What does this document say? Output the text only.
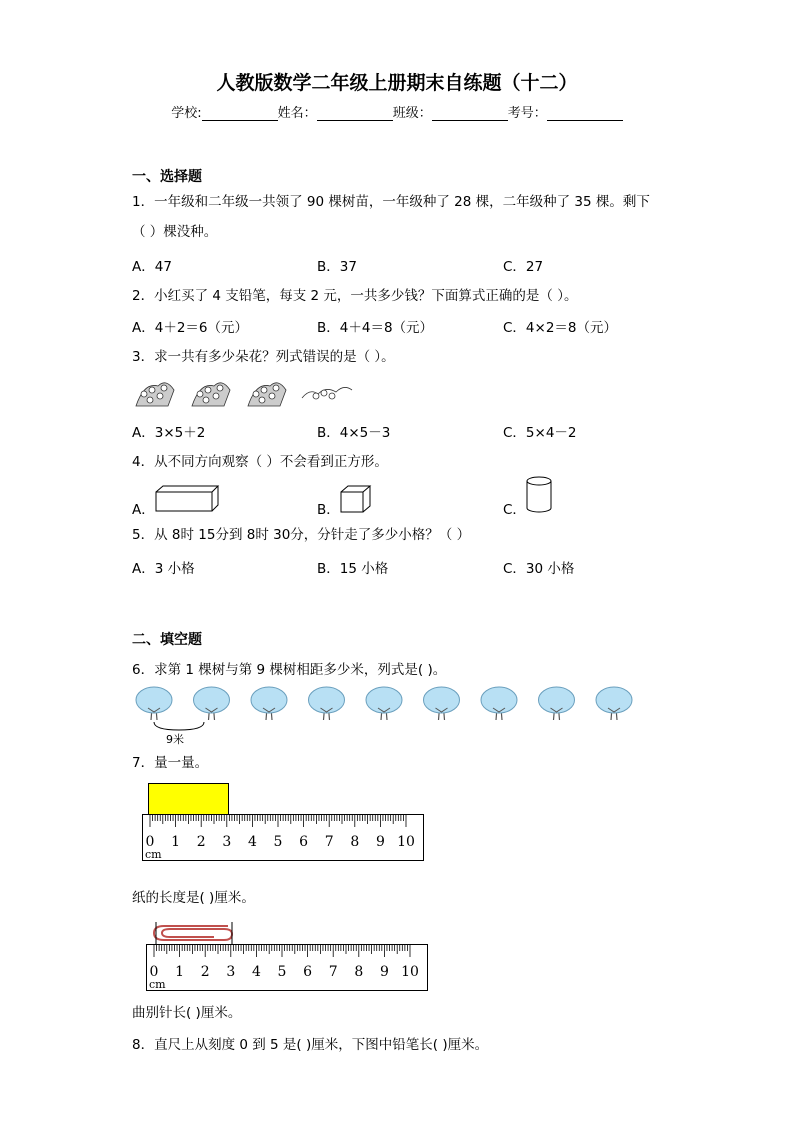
人教版数学二年级上册期末自练题（十二）
学校:	姓名：	班级：	考号：
一、选择题
1．一年级和二年级一共领了 90 棵树苗，一年级种了 28 棵，二年级种了 35 棵。剩下
（ ）棵没种。
A．47	B．37	C．27
2．小红买了 4 支铅笔，每支 2 元，一共多少钱？下面算式正确的是（ ）。
A．4＋2＝6（元）	B．4＋4＝8（元）	C．4×2＝8（元）
3．求一共有多少朵花？列式错误的是（ ）。
A．3×5＋2	B．4×5－3	C．5×4－2
4．从不同方向观察（ ）不会看到正方形。
A．	B．	C．
5．从 8时 15分到 8时 30分，分针走了多少小格？（ ）
A．3 小格	B．15 小格	C．30 小格
二、填空题
6．求第 1 棵树与第 9 棵树相距多少米，列式是( )。
9米
7．量一量。
0 1 2 3 4 5 6 7 8 9 10
cm
纸的长度是( )厘米。
0 1 2 3 4 5 6 7 8 9 10
cm
曲别针长( )厘米。
8．直尺上从刻度 0 到 5 是( )厘米，下图中铅笔长( )厘米。
